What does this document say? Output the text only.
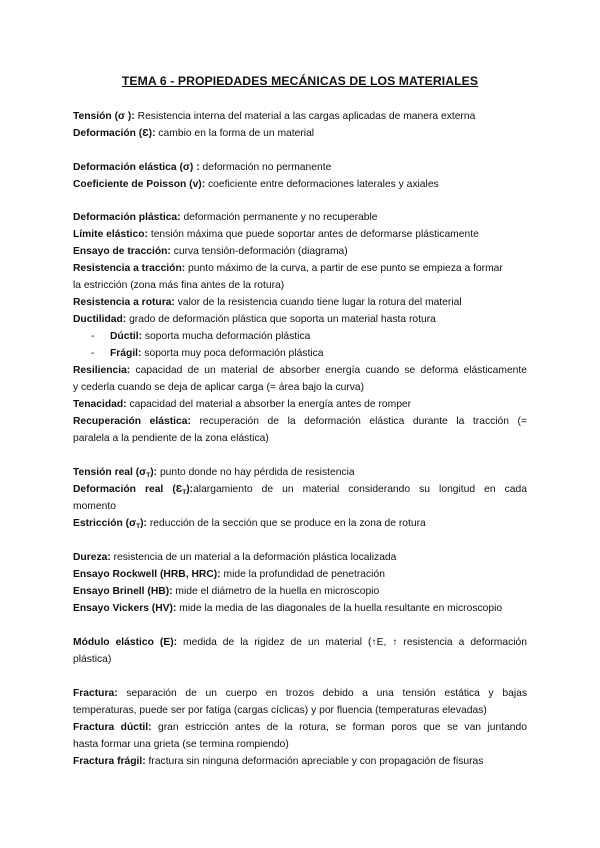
TEMA 6 - PROPIEDADES MECÁNICAS DE LOS MATERIALES
Tensión (σ ): Resistencia interna del material a las cargas aplicadas de manera externa
Deformación (Ɛ): cambio en la forma de un material
Deformación elástica (σ) : deformación no permanente
Coeficiente de Poisson (v): coeficiente entre deformaciones laterales y axiales
Deformación plástica: deformación permanente y no recuperable
Límite elástico: tensión máxima que puede soportar antes de deformarse plásticamente
Ensayo de tracción: curva tensión-deformación (diagrama)
Resistencia a tracción: punto máximo de la curva, a partir de ese punto se empieza a formar
la estricción (zona más fina antes de la rotura)
Resistencia a rotura: valor de la resistencia cuando tiene lugar la rotura del material
Ductilidad: grado de deformación plástica que soporta un material hasta rotura
- Dúctil: soporta mucha deformación plástica
- Frágil: soporta muy poca deformación plástica
Resiliencia: capacidad de un material de absorber energía cuando se deforma elásticamente
y cederla cuando se deja de aplicar carga (= área bajo la curva)
Tenacidad: capacidad del material a absorber la energía antes de romper
Recuperación elástica: recuperación de la deformación elástica durante la tracción (=
paralela a la pendiente de la zona elástica)
Tensión real $(\sigma_T)$: punto donde no hay pérdida de resistencia
Deformación real $(Ɛ_T):alargamiento$ de un material considerando su longitud en cada
momento
Estricción $(\sigma_T)$: reducción de la sección que se produce en la zona de rotura
Dureza: resistencia de un material a la deformación plástica localizada
Ensayo Rockwell (HRB, HRC): mide la profundidad de penetración
Ensayo Brinell (HB): mide el diámetro de la huella en microscopio
Ensayo Vickers (HV): mide la media de las diagonales de la huella resultante en microscopio
Módulo elástico (E): medida de la rigidez de un material (↑E, ↑ resistencia a deformación
plástica)
Fractura: separación de un cuerpo en trozos debido a una tensión estática y bajas
temperaturas, puede ser por fatiga (cargas cíclicas) y por fluencia (temperaturas elevadas)
Fractura dúctil: gran estricción antes de la rotura, se forman poros que se van juntando
hasta formar una grieta (se termina rompiendo)
Fractura frágil: fractura sin ninguna deformación apreciable y con propagación de fisuras
